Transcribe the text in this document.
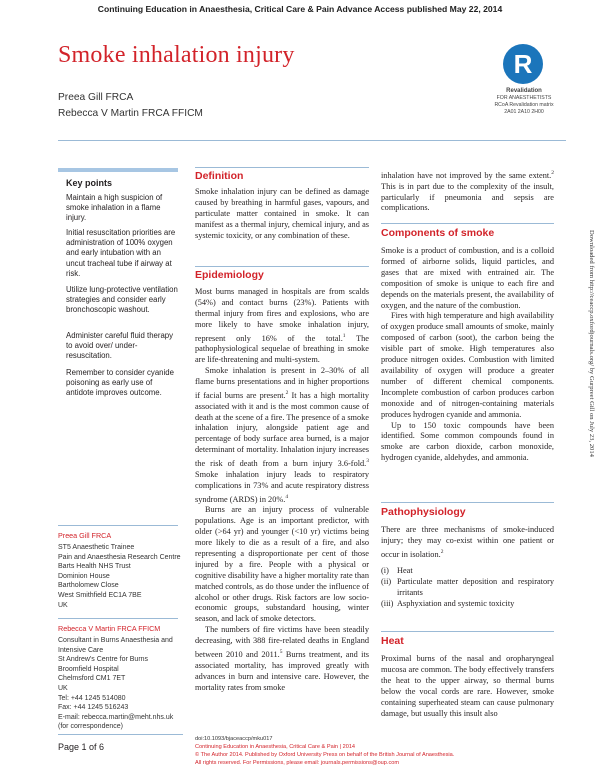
Continuing Education in Anaesthesia, Critical Care & Pain Advance Access published May 22, 2014
Smoke inhalation injury
Preea Gill FRCA
Rebecca V Martin FRCA FFICM
R
Revalidation
FOR ANAESTHETISTS
RCoA Revalidation matrix
2A01 2A10 2H00
Key points
Maintain a high suspicion of smoke inhalation in a flame injury.
Initial resuscitation priorities are administration of 100% oxygen and early intubation with an uncut tracheal tube if airway at risk.
Utilize lung-protective ventilation strategies and consider early bronchoscopic washout.
Administer careful fluid therapy to avoid over/ under-resuscitation.
Remember to consider cyanide poisoning as early use of antidote improves outcome.
Preea Gill FRCA
ST5 Anaesthetic Trainee
Pain and Anaesthesia Research Centre
Barts Health NHS Trust
Dominion House
Bartholomew Close
West Smithfield EC1A 7BE
UK
Rebecca V Martin FRCA FFICM
Consultant in Burns Anaesthesia and
Intensive Care
St Andrew's Centre for Burns
Broomfield Hospital
Chelmsford CM1 7ET
UK
Tel: +44 1245 514080
Fax: +44 1245 516243
E-mail: rebecca.martin@meht.nhs.uk
(for correspondence)
Page 1 of 6
doi:10.1093/bjaceaccp/mku017
Continuing Education in Anaesthesia, Critical Care & Pain | 2014
© The Author 2014. Published by Oxford University Press on behalf of the British Journal of Anaesthesia.
All rights reserved. For Permissions, please email: journals.permissions@oup.com
Definition

Smoke inhalation injury can be defined as damage caused by breathing in harmful gases, vapours, and particulate matter contained in smoke. It can manifest as a thermal injury, chemical injury, and as systemic toxicity, or any combination of these.

Epidemiology

Most burns managed in hospitals are from scalds (54%) and contact burns (23%). Patients with thermal injury from fires and explosions, who are more likely to have smoke inhalation injury, represent only 16% of the total.$^1$ The pathophysiological sequelae of breathing in smoke are life-threatening and multi-system.

Smoke inhalation is present in 2–30% of all flame burns presentations and in higher proportions if facial burns are present.$^2$ It has a high mortality associated with it and is the most common cause of death at the scene of a fire. The presence of a smoke inhalation injury, alongside patient age and percentage of body surface area burned, is a major determinant of mortality. Inhalation injury increases the risk of death from a burn injury 3.6-fold.$^3$ Smoke inhalation injury leads to respiratory complications in 73% and acute respiratory distress syndrome (ARDS) in 20%.$^4$

Burns are an injury process of vulnerable populations. Age is an important predictor, with older (>64 yr) and younger (<10 yr) victims being more likely to die as a result of a fire, and also representing a disproportionate per cent of those injured by a fire. People with a physical or cognitive disability have a higher mortality rate than matched controls, as do those under the influence of alcohol or other drugs. Risk factors are low socio-economic groups, substandard housing, winter season, and lack of smoke detectors.

The numbers of fire victims have been steadily decreasing, with 388 fire-related deaths in England between 2010 and 2011.$^5$ Burns treatment, and its associated mortality, has improved greatly with advances in burn and intensive care. However, the mortality rates from smoke

inhalation have not improved by the same extent.$^2$ This is in part due to the complexity of the insult, particularly if pneumonia and sepsis are complications.

Components of smoke

Smoke is a product of combustion, and is a colloid formed of airborne solids, liquid particles, and gases that are mixed with entrained air. The composition of smoke is unique to each fire and depends on the materials present, the availability of oxygen, and the nature of the combustion.

Fires with high temperature and high availability of oxygen produce small amounts of smoke, mainly composed of carbon (soot), the carbon being the visible part of smoke. High temperatures also produce nitrogen oxides. Combustion with limited availability of oxygen will produce a greater number of different chemical components. Incomplete combustion of carbon produces carbon monoxide and of nitrogen-containing materials produces hydrogen cyanide and ammonia.

Up to 150 toxic compounds have been identified. Some common compounds found in smoke are carbon dioxide, carbon monoxide, hydrogen cyanide, aldehydes, and ammonia.

Pathophysiology

There are three mechanisms of smoke-induced injury; they may co-exist within one patient or occur in isolation.$^2$

(i) Heat
(ii) Particulate matter deposition and respiratory irritants
(iii) Asphyxiation and systemic toxicity
Heat

Proximal burns of the nasal and oropharyngeal mucosa are common. The body effectively transfers the heat to the upper airway, so thermal burns below the vocal cords are rare. However, smoke containing superheated steam can cause pulmonary damage, but usually this insult also

Downloaded from http://ceaccp.oxfordjournals.org/ by Gurpreet Gill on July 23, 2014
